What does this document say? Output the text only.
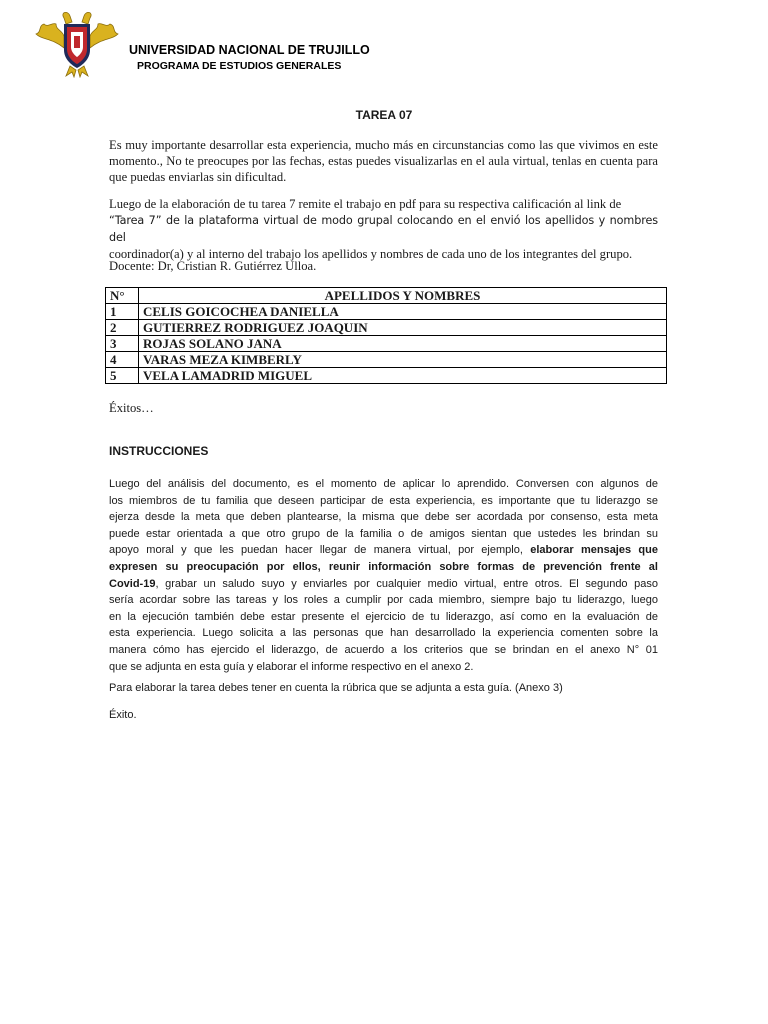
UNIVERSIDAD NACIONAL DE TRUJILLO
PROGRAMA DE ESTUDIOS GENERALES
TAREA 07

Es muy importante desarrollar esta experiencia, mucho más en circunstancias como las que vivimos en este momento., No te preocupes por las fechas, estas puedes visualizarlas en el aula virtual, tenlas en cuenta para que puedas enviarlas sin dificultad.

Luego de la elaboración de tu tarea 7 remite el trabajo en pdf para su respectiva calificación al link de
“Tarea 7” de la plataforma virtual de modo grupal colocando en el envió los apellidos y nombres del
coordinador(a) y al interno del trabajo los apellidos y nombres de cada uno de los integrantes del grupo.

Docente: Dr, Cristian R. Gutiérrez Ulloa.

N°	APELLIDOS Y NOMBRES
1	CELIS GOICOCHEA DANIELLA
2	GUTIERREZ RODRIGUEZ JOAQUIN
3	ROJAS SOLANO JANA
4	VARAS MEZA KIMBERLY
5	VELA LAMADRID MIGUEL
Éxitos…
INSTRUCCIONES
Luego del análisis del documento, es el momento de aplicar lo aprendido. Conversen con algunos de
los miembros de tu familia que deseen participar de esta experiencia, es importante que tu liderazgo se
ejerza desde la meta que deben plantearse, la misma que debe ser acordada por consenso, esta meta
puede estar orientada a que otro grupo de la familia o de amigos sientan que ustedes les brindan su
apoyo moral y que les puedan hacer llegar de manera virtual, por ejemplo, elaborar mensajes que
expresen su preocupación por ellos, reunir información sobre formas de prevención frente al
Covid-19, grabar un saludo suyo y enviarles por cualquier medio virtual, entre otros. El segundo paso
sería acordar sobre las tareas y los roles a cumplir por cada miembro, siempre bajo tu liderazgo, luego
en la ejecución también debe estar presente el ejercicio de tu liderazgo, así como en la evaluación de
esta experiencia. Luego solicita a las personas que han desarrollado la experiencia comenten sobre la
manera cómo has ejercido el liderazgo, de acuerdo a los criterios que se brindan en el anexo N° 01
que se adjunta en esta guía y elaborar el informe respectivo en el anexo 2.
Para elaborar la tarea debes tener en cuenta la rúbrica que se adjunta a esta guía. (Anexo 3)
Éxito.
